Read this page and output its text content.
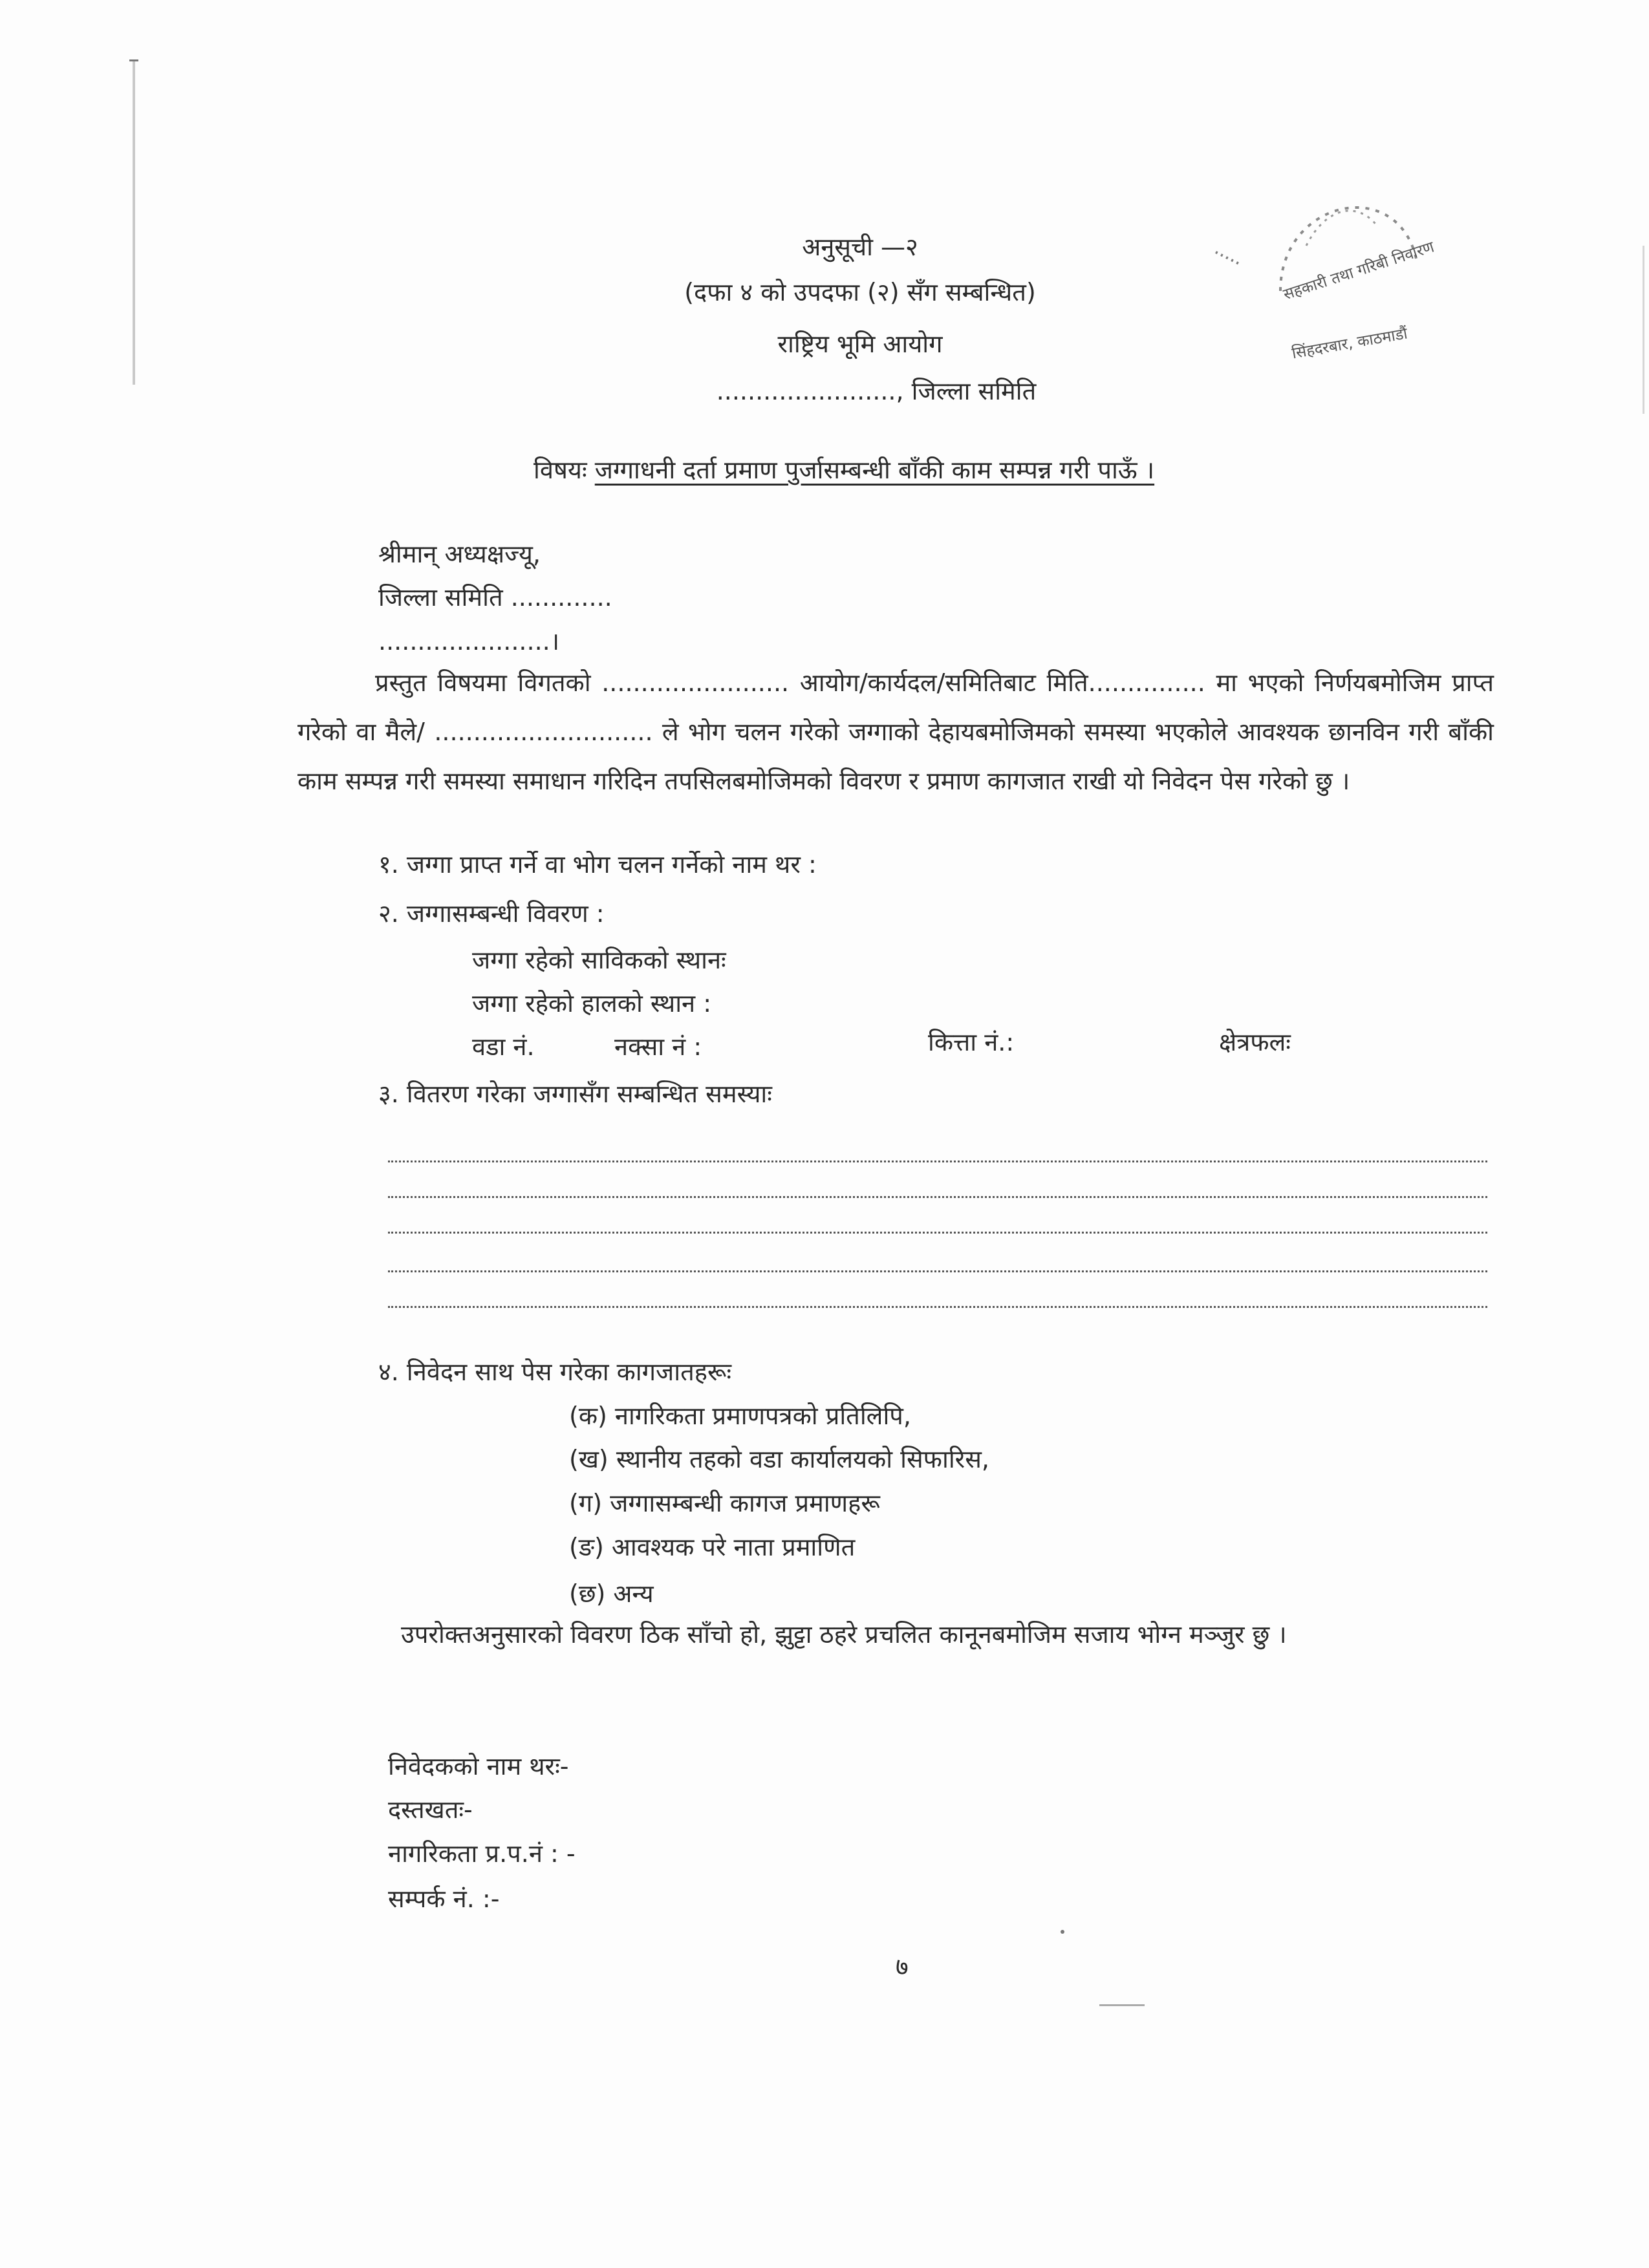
अनुसूची —२
(दफा ४ को उपदफा (२) सँग सम्बन्धित)
राष्ट्रिय भूमि आयोग
......................., जिल्ला समिति
सहकारी तथा गरिबी निवारण
सिंहदरबार, काठमाडौं
विषयः जग्गाधनी दर्ता प्रमाण पुर्जासम्बन्धी बाँकी काम सम्पन्न गरी पाऊँ ।
श्रीमान् अध्यक्षज्यू,
जिल्ला समिति .............
......................।

प्रस्तुत विषयमा विगतको ........................ आयोग/कार्यदल/समितिबाट मिति............... मा भएको निर्णयबमोजिम प्राप्त गरेको वा मैले/ ............................ ले भोग चलन गरेको जग्गाको देहायबमोजिमको समस्या भएकोले आवश्यक छानविन गरी बाँकी काम सम्पन्न गरी समस्या समाधान गरिदिन तपसिलबमोजिमको विवरण र प्रमाण कागजात राखी यो निवेदन पेस गरेको छु ।

१. जग्गा प्राप्त गर्ने वा भोग चलन गर्नेको नाम थर :
२. जग्गासम्बन्धी विवरण :
जग्गा रहेको साविकको स्थानः
जग्गा रहेको हालको स्थान :
वडा नं.	नक्सा नं :	कित्ता नं.:	क्षेत्रफलः
३. वितरण गरेका जग्गासँग सम्बन्धित समस्याः
४. निवेदन साथ पेस गरेका कागजातहरूः
(क) नागरिकता प्रमाणपत्रको प्रतिलिपि,
(ख) स्थानीय तहको वडा कार्यालयको सिफारिस,
(ग) जग्गासम्बन्धी कागज प्रमाणहरू
(ङ) आवश्यक परे नाता प्रमाणित
(छ) अन्य

उपरोक्तअनुसारको विवरण ठिक साँचो हो, झुट्टा ठहरे प्रचलित कानूनबमोजिम सजाय भोग्न मञ्जुर छु ।

निवेदकको नाम थरः-
दस्तखतः-
नागरिकता प्र.प.नं : -
सम्पर्क नं. :-
७
